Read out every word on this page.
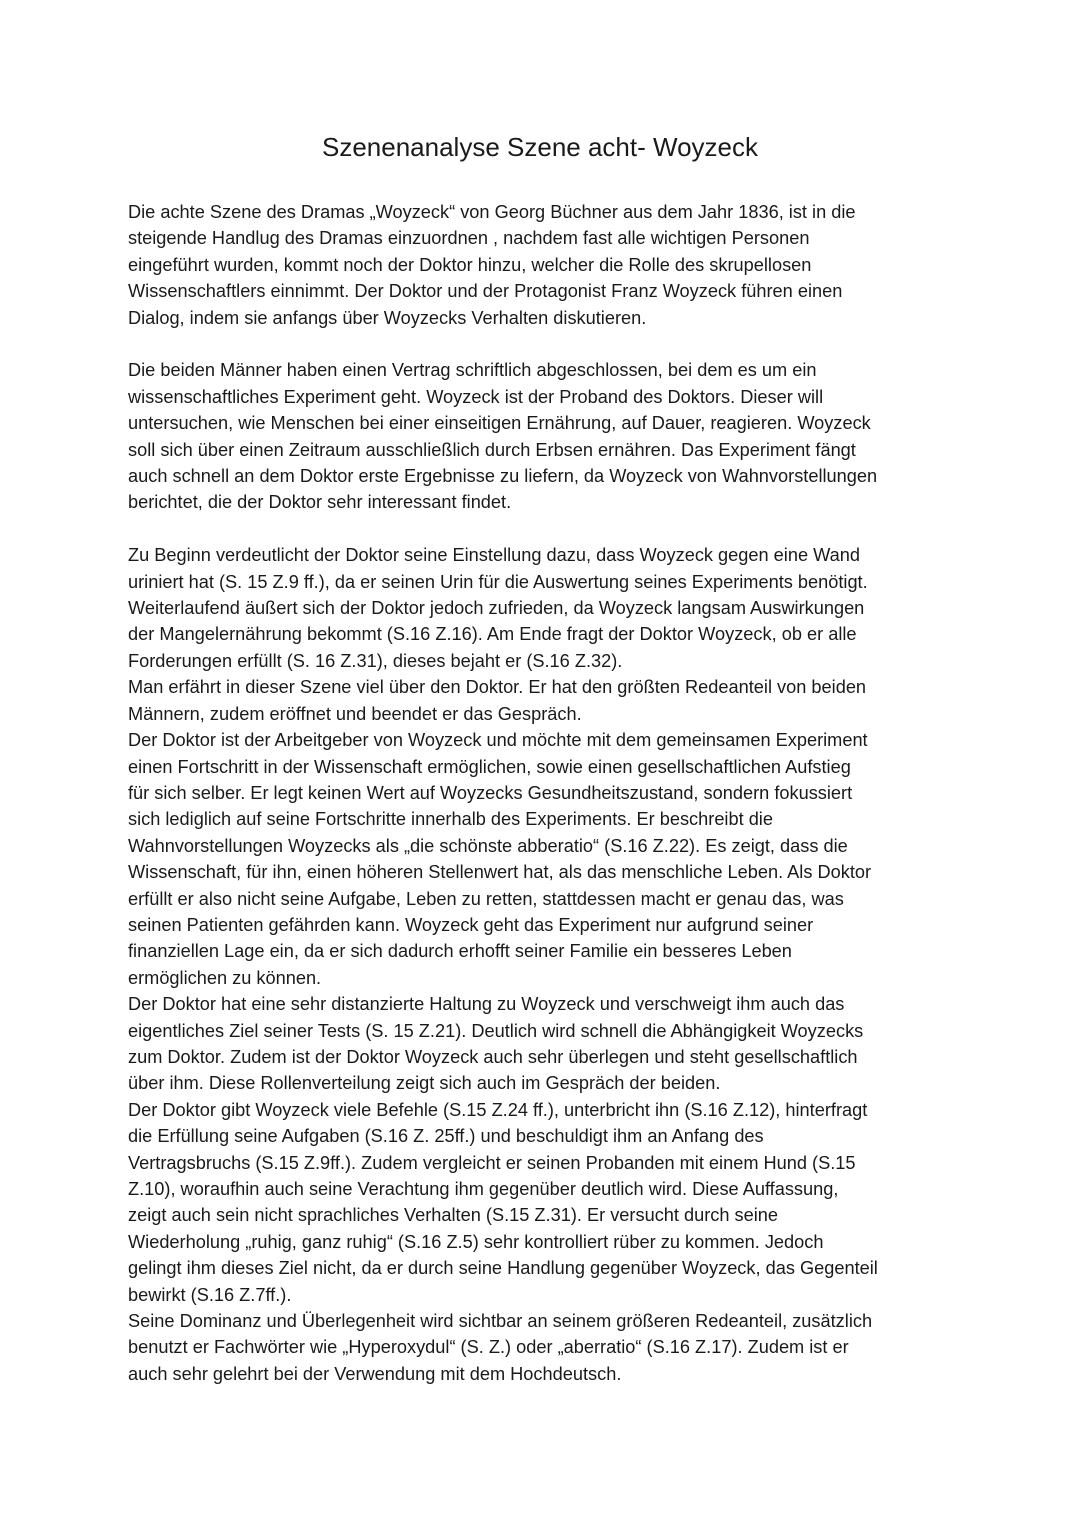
Szenenanalyse Szene acht- Woyzeck

Die achte Szene des Dramas „Woyzeck“ von Georg Büchner aus dem Jahr 1836, ist in die
steigende Handlug des Dramas einzuordnen , nachdem fast alle wichtigen Personen
eingeführt wurden, kommt noch der Doktor hinzu, welcher die Rolle des skrupellosen
Wissenschaftlers einnimmt. Der Doktor und der Protagonist Franz Woyzeck führen einen
Dialog, indem sie anfangs über Woyzecks Verhalten diskutieren.

Die beiden Männer haben einen Vertrag schriftlich abgeschlossen, bei dem es um ein
wissenschaftliches Experiment geht. Woyzeck ist der Proband des Doktors. Dieser will
untersuchen, wie Menschen bei einer einseitigen Ernährung, auf Dauer, reagieren. Woyzeck
soll sich über einen Zeitraum ausschließlich durch Erbsen ernähren. Das Experiment fängt
auch schnell an dem Doktor erste Ergebnisse zu liefern, da Woyzeck von Wahnvorstellungen
berichtet, die der Doktor sehr interessant findet.

Zu Beginn verdeutlicht der Doktor seine Einstellung dazu, dass Woyzeck gegen eine Wand
uriniert hat (S. 15 Z.9 ff.), da er seinen Urin für die Auswertung seines Experiments benötigt.
Weiterlaufend äußert sich der Doktor jedoch zufrieden, da Woyzeck langsam Auswirkungen
der Mangelernährung bekommt (S.16 Z.16). Am Ende fragt der Doktor Woyzeck, ob er alle
Forderungen erfüllt (S. 16 Z.31), dieses bejaht er (S.16 Z.32).

Man erfährt in dieser Szene viel über den Doktor. Er hat den größten Redeanteil von beiden
Männern, zudem eröffnet und beendet er das Gespräch.

Der Doktor ist der Arbeitgeber von Woyzeck und möchte mit dem gemeinsamen Experiment
einen Fortschritt in der Wissenschaft ermöglichen, sowie einen gesellschaftlichen Aufstieg
für sich selber. Er legt keinen Wert auf Woyzecks Gesundheitszustand, sondern fokussiert
sich lediglich auf seine Fortschritte innerhalb des Experiments. Er beschreibt die
Wahnvorstellungen Woyzecks als „die schönste abberatio“ (S.16 Z.22). Es zeigt, dass die
Wissenschaft, für ihn, einen höheren Stellenwert hat, als das menschliche Leben. Als Doktor
erfüllt er also nicht seine Aufgabe, Leben zu retten, stattdessen macht er genau das, was
seinen Patienten gefährden kann. Woyzeck geht das Experiment nur aufgrund seiner
finanziellen Lage ein, da er sich dadurch erhofft seiner Familie ein besseres Leben
ermöglichen zu können.

Der Doktor hat eine sehr distanzierte Haltung zu Woyzeck und verschweigt ihm auch das
eigentliches Ziel seiner Tests (S. 15 Z.21). Deutlich wird schnell die Abhängigkeit Woyzecks
zum Doktor. Zudem ist der Doktor Woyzeck auch sehr überlegen und steht gesellschaftlich
über ihm. Diese Rollenverteilung zeigt sich auch im Gespräch der beiden.

Der Doktor gibt Woyzeck viele Befehle (S.15 Z.24 ff.), unterbricht ihn (S.16 Z.12), hinterfragt
die Erfüllung seine Aufgaben (S.16 Z. 25ff.) und beschuldigt ihm an Anfang des
Vertragsbruchs (S.15 Z.9ff.). Zudem vergleicht er seinen Probanden mit einem Hund (S.15
Z.10), woraufhin auch seine Verachtung ihm gegenüber deutlich wird. Diese Auffassung,
zeigt auch sein nicht sprachliches Verhalten (S.15 Z.31). Er versucht durch seine
Wiederholung „ruhig, ganz ruhig“ (S.16 Z.5) sehr kontrolliert rüber zu kommen. Jedoch
gelingt ihm dieses Ziel nicht, da er durch seine Handlung gegenüber Woyzeck, das Gegenteil
bewirkt (S.16 Z.7ff.).

Seine Dominanz und Überlegenheit wird sichtbar an seinem größeren Redeanteil, zusätzlich
benutzt er Fachwörter wie „Hyperoxydul“ (S. Z.) oder „aberratio“ (S.16 Z.17). Zudem ist er
auch sehr gelehrt bei der Verwendung mit dem Hochdeutsch.
